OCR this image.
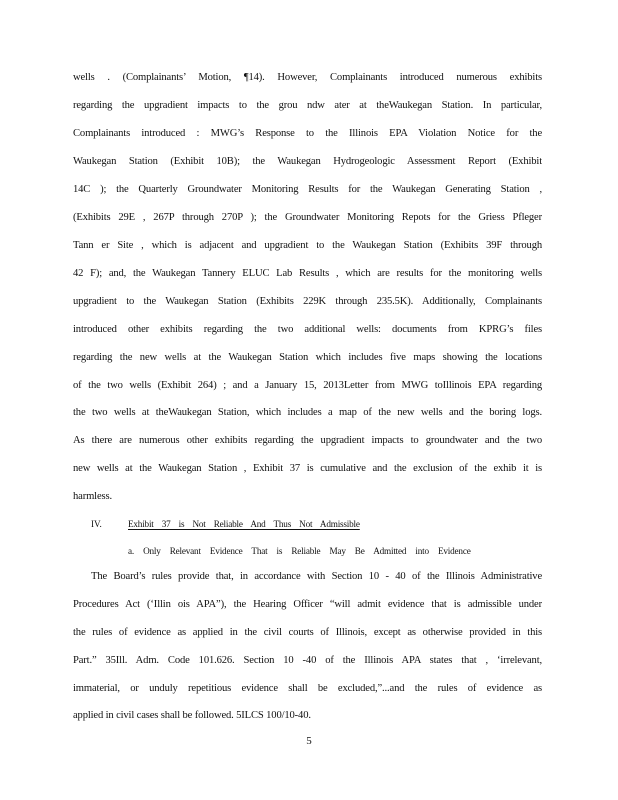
wells . (Complainants’ Motion, ¶14). However, Complainants introduced numerous exhibits
regarding the upgradient impacts to the grou ndw ater at theWaukegan Station. In particular,
Complainants introduced : MWG’s Response to the Illinois EPA Violation Notice for the
Waukegan Station (Exhibit 10B); the Waukegan Hydrogeologic Assessment Report (Exhibit
14C ); the Quarterly Groundwater Monitoring Results for the Waukegan Generating Station ,
(Exhibits 29E , 267P through 270P ); the Groundwater Monitoring Repots for the Griess Pfleger
Tann er Site , which is adjacent and upgradient to the Waukegan Station (Exhibits 39F through
42 F); and, the Waukegan Tannery ELUC Lab Results , which are results for the monitoring wells
upgradient to the Waukegan Station (Exhibits 229K through 235.5K). Additionally, Complainants
introduced other exhibits regarding the two additional wells: documents from KPRG’s files
regarding the new wells at the Waukegan Station which includes five maps showing the locations
of the two wells (Exhibit 264) ; and a January 15, 2013Letter from MWG toIllinois EPA regarding
the two wells at theWaukegan Station, which includes a map of the new wells and the boring logs.
As there are numerous other exhibits regarding the upgradient impacts to groundwater and the two
new wells at the Waukegan Station , Exhibit 37 is cumulative and the exclusion of the exhib it is
harmless.
IV.	Exhibit 37 is Not Reliable And Thus Not Admissible
a. Only Relevant Evidence That is Reliable May Be Admitted into Evidence
The Board’s rules provide that, in accordance with Section 10 - 40 of the Illinois Administrative
Procedures Act (‘Illin ois APA”), the Hearing Officer “will admit evidence that is admissible under
the rules of evidence as applied in the civil courts of Illinois, except as otherwise provided in this
Part.” 35Ill. Adm. Code 101.626. Section 10 -40 of the Illinois APA states that , ‘irrelevant,
immaterial, or unduly repetitious evidence shall be excluded,”...and the rules of evidence as
applied in civil cases shall be followed. 5ILCS 100/10-40.
5
